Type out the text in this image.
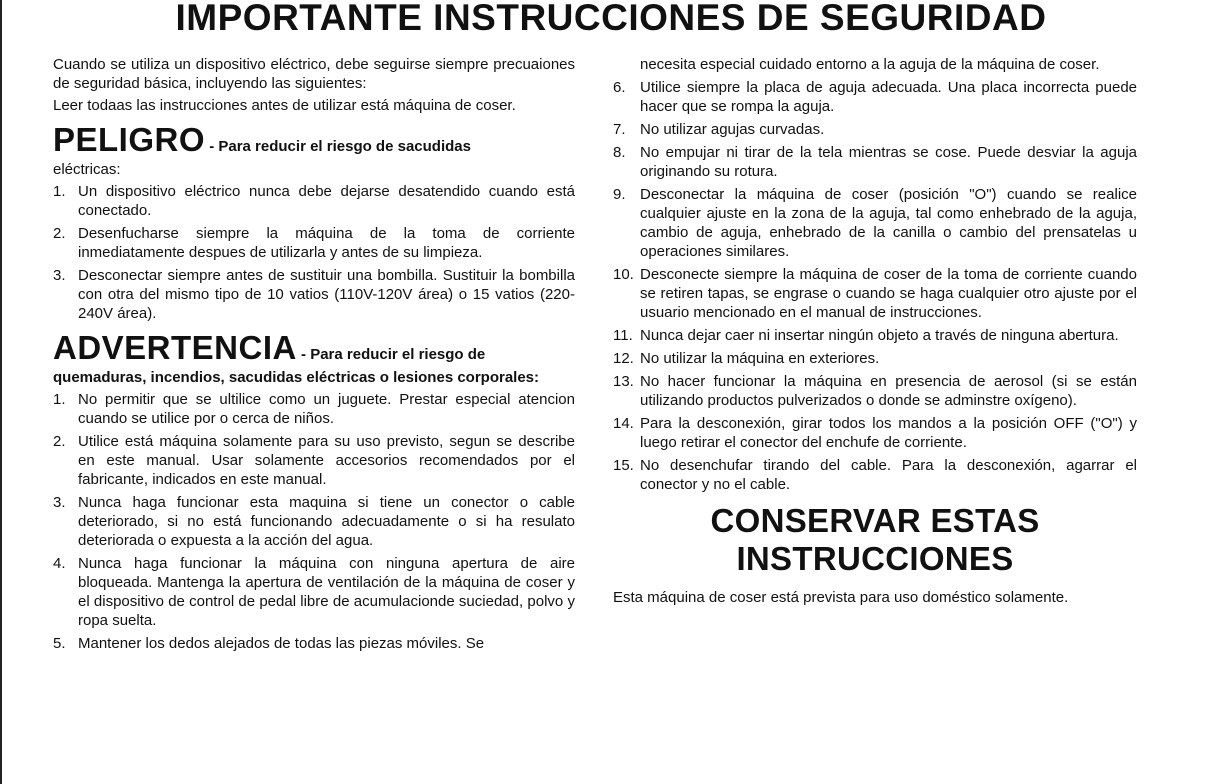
IMPORTANTE INSTRUCCIONES DE SEGURIDAD

Cuando se utiliza un dispositivo eléctrico, debe seguirse siempre precuaiones de seguridad básica, incluyendo las siguientes:

Leer todaas las instrucciones antes de utilizar está máquina de coser.

PELIGRO - Para reducir el riesgo de sacudidas
eléctricas:
1. Un dispositivo eléctrico nunca debe dejarse desatendido cuando está conectado.
2. Desenfucharse siempre la máquina de la toma de corriente inmediatamente despues de utilizarla y antes de su limpieza.
3. Desconectar siempre antes de sustituir una bombilla. Sustituir la bombilla con otra del mismo tipo de 10 vatios (110V-120V área) o 15 vatios (220-240V área).
ADVERTENCIA - Para reducir el riesgo de
quemaduras, incendios, sacudidas eléctricas o lesiones corporales:
1. No permitir que se ultilice como un juguete. Prestar especial atencion cuando se utilice por o cerca de niños.
2. Utilice está máquina solamente para su uso previsto, segun se describe en este manual. Usar solamente accesorios recomendados por el fabricante, indicados en este manual.
3. Nunca haga funcionar esta maquina si tiene un conector o cable deteriorado, si no está funcionando adecuadamente o si ha resulato deteriorada o expuesta a la acción del agua.
4. Nunca haga funcionar la máquina con ninguna apertura de aire bloqueada. Mantenga la apertura de ventilación de la máquina de coser y el dispositivo de control de pedal libre de acumulacionde suciedad, polvo y ropa suelta.
5. Mantener los dedos alejados de todas las piezas móviles. Se
necesita especial cuidado entorno a la aguja de la máquina de coser.
6. Utilice siempre la placa de aguja adecuada. Una placa incorrecta puede hacer que se rompa la aguja.
7. No utilizar agujas curvadas.
8. No empujar ni tirar de la tela mientras se cose. Puede desviar la aguja originando su rotura.
9. Desconectar la máquina de coser (posición "O") cuando se realice cualquier ajuste en la zona de la aguja, tal como enhebrado de la aguja, cambio de aguja, enhebrado de la canilla o cambio del prensatelas u operaciones similares.
10. Desconecte siempre la máquina de coser de la toma de corriente cuando se retiren tapas, se engrase o cuando se haga cualquier otro ajuste por el usuario mencionado en el manual de instrucciones.
11. Nunca dejar caer ni insertar ningún objeto a través de ninguna abertura.
12. No utilizar la máquina en exteriores.
13. No hacer funcionar la máquina en presencia de aerosol (si se están utilizando productos pulverizados o donde se adminstre oxígeno).
14. Para la desconexión, girar todos los mandos a la posición OFF ("O") y luego retirar el conector del enchufe de corriente.
15. No desenchufar tirando del cable. Para la desconexión, agarrar el conector y no el cable.
CONSERVAR ESTAS
INSTRUCCIONES

Esta máquina de coser está prevista para uso doméstico solamente.
